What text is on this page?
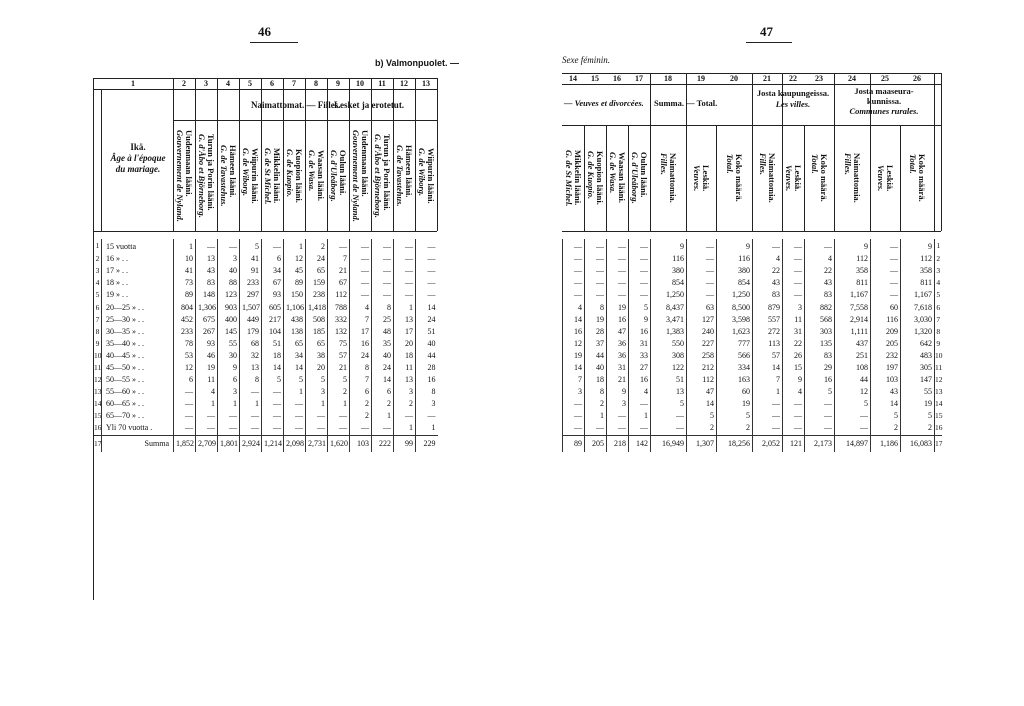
46
b) Valmonpuolet. —
1	15 vuotta	1	—	—	5	—	1	2	—	—	—	—	—
2	16 » . .	10	13	3	41	6	12	24	7	—	—	—	—
3	17 » . .	41	43	40	91	34	45	65	21	—	—	—	—
4	18 » . .	73	83	88	233	67	89	159	67	—	—	—	—
5	19 » . .	89	148	123	297	93	150	238	112	—	—	—	—
6	20—25 » . .	804	1,306	903	1,507	605	1,106	1,418	788	4	8	1	14
7	25—30 » . .	452	675	400	449	217	438	508	332	7	25	13	24
8	30—35 » . .	233	267	145	179	104	138	185	132	17	48	17	51
9	35—40 » . .	78	93	55	68	51	65	65	75	16	35	20	40
10	40—45 » . .	53	46	30	32	18	34	38	57	24	40	18	44
11	45—50 » . .	12	19	9	13	14	14	20	21	8	24	11	28
12	50—55 » . .	6	11	6	8	5	5	5	5	7	14	13	16
13	55—60 » . .	—	4	3	—	—	1	3	2	6	6	3	8
14	60—65 » . .	—	1	1	1	—	—	1	1	2	2	2	3
15	65—70 » . .	—	—	—	—	—	—	—	—	2	1	—	—
16	Yli 70 vuotta .	—	—	—	—	—	—	—	—	—	—	1	1
17	Summa	1,852	2,709	1,801	2,924	1,214	2,098	2,731	1,620	103	222	99	229
1	2	3	4	5	6	7	8	9	10	11	12	13
Naimattomat. — Filles.
Lesket ja erotetut.
Ikä.
Âge à l'époque
du mariage.	Uudenmaan lääni.
Gouvernement de Nyland.	Turun ja Porin lääni.
G. d'Åbo et Björneborg.	Hämeen lääni.
G. de Tavastehus.	Wiipurin lääni.
G. de Wiborg.	Mikkelin lääni.
G. de St Michel.	Kuopion lääni.
G. de Kuopio.	Waasan lääni.
G. de Wasa.	Oulun lääni.
G. d'Uleåborg.	Uudenmaan lääni.
Gouvernement de Nyland.	Turun ja Porin lääni.
G. d'Åbo et Björneborg.	Hämeen lääni.
G. de Tavastehus.	Wiipurin lääni.
G. de Wiborg.
47
Sexe féminin.
—	—	—	—	9	—	9	—	—	—	9	—	9	1
—	—	—	—	116	—	116	4	—	4	112	—	112	2
—	—	—	—	380	—	380	22	—	22	358	—	358	3
—	—	—	—	854	—	854	43	—	43	811	—	811	4
—	—	—	—	1,250	—	1,250	83	—	83	1,167	—	1,167	5
4	8	19	5	8,437	63	8,500	879	3	882	7,558	60	7,618	6
14	19	16	9	3,471	127	3,598	557	11	568	2,914	116	3,030	7
16	28	47	16	1,383	240	1,623	272	31	303	1,111	209	1,320	8
12	37	36	31	550	227	777	113	22	135	437	205	642	9
19	44	36	33	308	258	566	57	26	83	251	232	483	10
14	40	31	27	122	212	334	14	15	29	108	197	305	11
7	18	21	16	51	112	163	7	9	16	44	103	147	12
3	8	9	4	13	47	60	1	4	5	12	43	55	13
—	2	3	—	5	14	19	—	—	—	5	14	19	14
—	1	—	1	—	5	5	—	—	—	—	5	5	15
—	—	—	—	—	2	2	—	—	—	—	2	2	16
89	205	218	142	16,949	1,307	18,256	2,052	121	2,173	14,897	1,186	16,083	17
14	15	16	17	18	19	20	21	22	23	24	25	26
— Veuves et divorcées. Summa. — Total.
Josta kaupungeissa.
Les villes.
Josta maaseura-
kunnissa.
Communes rurales.
Mikkelin lääni.
G. de St Michel.	Kuopion lääni.
G. de Kuopio.	Waasan lääni.
G. de Wasa.	Oulun lääni.
G. d'Uleåborg.	Naimattomia.
Filles.
Leskiä.
Veuves.	Koko määrä.
Total.	Naimattomia.
Filles.
Leskiä.
Veuves.	Koko määrä.
Total.	Naimattomia.
Filles.
Leskiä.
Veuves.	Koko määrä.
Total.
